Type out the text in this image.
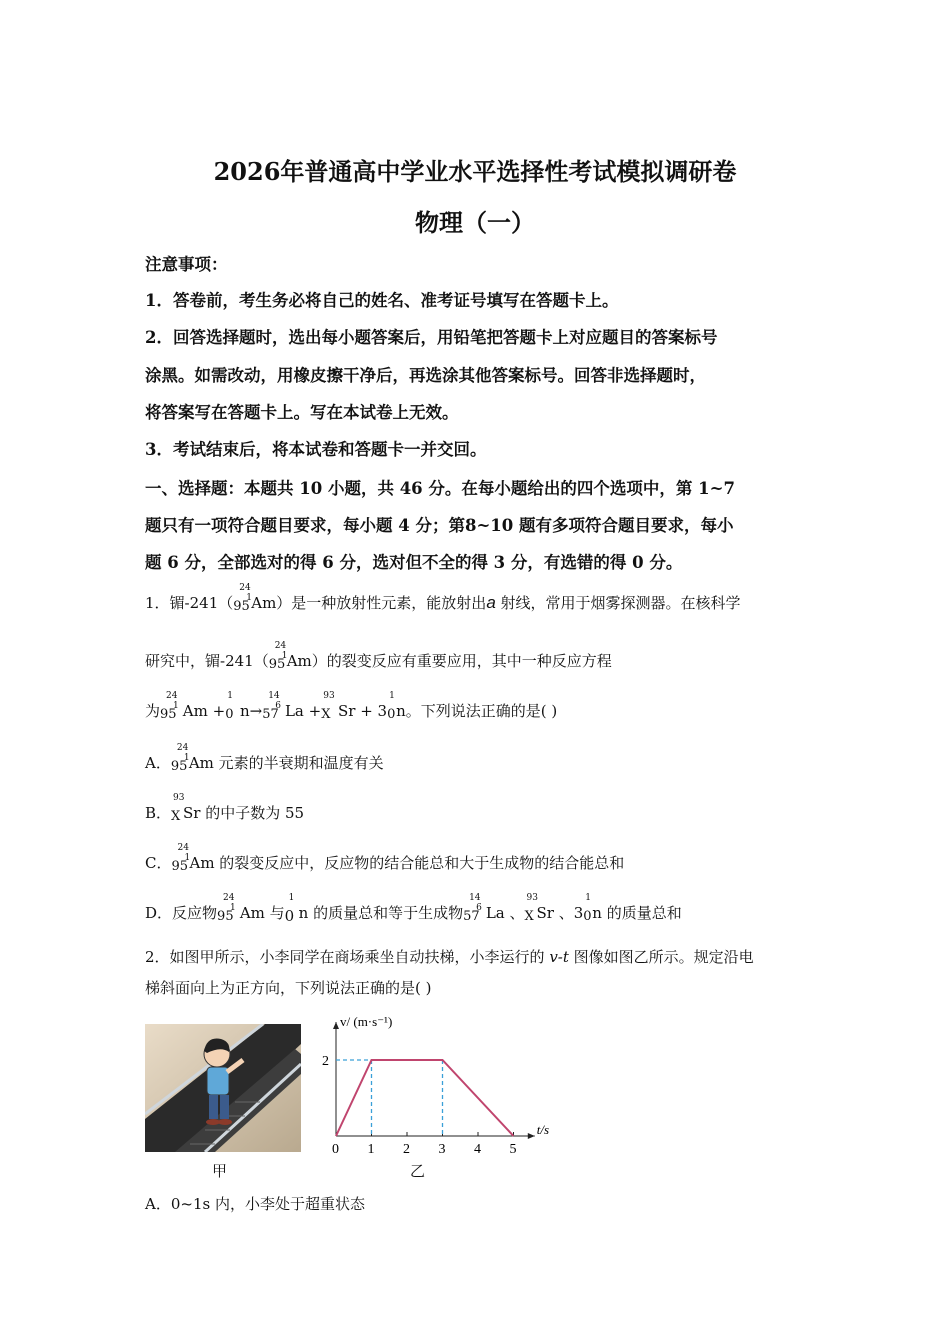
2026年普通高中学业水平选择性考试模拟调研卷
物理（一）
注意事项：
1．答卷前，考生务必将自己的姓名、准考证号填写在答题卡上。
2．回答选择题时，选出每小题答案后，用铅笔把答题卡上对应题目的答案标号
涂黑。如需改动，用橡皮擦干净后，再选涂其他答案标号。回答非选择题时，
将答案写在答题卡上。写在本试卷上无效。
3．考试结束后，将本试卷和答题卡一并交回。
一、选择题：本题共 10 小题，共 46 分。在每小题给出的四个选项中，第 1~7
题只有一项符合题目要求，每小题 4 分；第8~10 题有多项符合题目要求，每小
题 6 分，全部选对的得 6 分，选对但不全的得 3 分，有选错的得 0 分。
1．镅-241（
24
95
1 Am）是一种放射性元素，能放射出a 射线，常用于烟雾探测器。在核科学
研究中，镅-241（
24
95
1 Am）的裂变反应有重要应用，其中一种反应方程
为
24
95
1 Am +
1
0 n→
14
57
6 La +
93
X Sr + 3
1
0 n。下列说法正确的是( )
A．
24
95
1 Am 元素的半衰期和温度有关
B．
93
X Sr 的中子数为 55
C．
24
95
1 Am 的裂变反应中，反应物的结合能总和大于生成物的结合能总和
D．反应物
24
95
1 Am 与
1
0 n 的质量总和等于生成物
14
57
6 La 、
93
X Sr 、3
1
0 n 的质量总和
2．如图甲所示，小李同学在商场乘坐自动扶梯，小李运行的 v-t 图像如图乙所示。规定沿电
梯斜面向上为正方向，下列说法正确的是( )
甲
t/s
v/ (m·s⁻¹)
0 1 2 3 4 5
2
乙
A．0~1s 内，小李处于超重状态
